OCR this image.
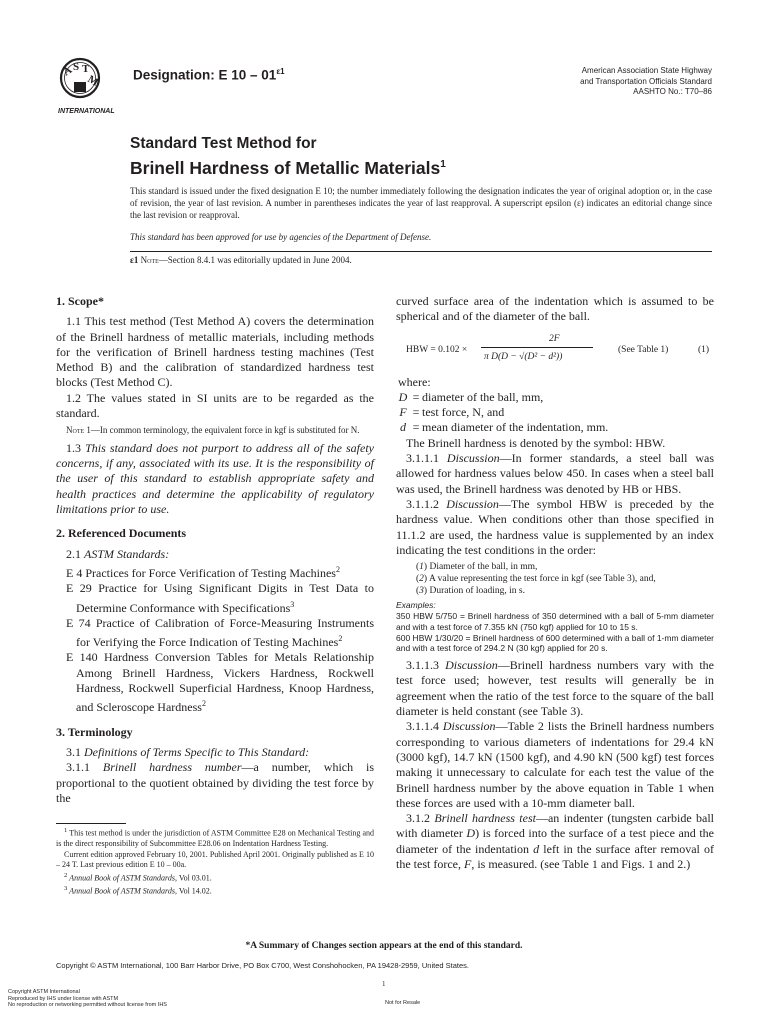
A
S T
M
INTERNATIONAL
Designation: E $10 - 01^{\varepsilon 1}$	American Association State Highway
and Transportation Officials Standard
AASHTO No.: T70–86
Standard Test Method for
Brinell Hardness of Metallic Materials$^1$
This standard is issued under the fixed designation E 10; the number immediately following the designation indicates the year of original adoption or, in the case of revision, the year of last revision. A number in parentheses indicates the year of last reapproval. A superscript epsilon (ε) indicates an editorial change since the last revision or reapproval.
This standard has been approved for use by agencies of the Department of Defense.
ε1 Note—Section 8.4.1 was editorially updated in June 2004.

1. Scope*

1.1 This test method (Test Method A) covers the determination of the Brinell hardness of metallic materials, including methods for the verification of Brinell hardness testing machines (Test Method B) and the calibration of standardized hardness test blocks (Test Method C).

1.2 The values stated in SI units are to be regarded as the standard.

Note 1—In common terminology, the equivalent force in kgf is substituted for N.

1.3 This standard does not purport to address all of the safety concerns, if any, associated with its use. It is the responsibility of the user of this standard to establish appropriate safety and health practices and determine the applicability of regulatory limitations prior to use.

2. Referenced Documents

2.1 ASTM Standards:

E 4 Practices for Force Verification of Testing Machines$^2$

E 29 Practice for Using Significant Digits in Test Data to Determine Conformance with Specifications$^3$

E 74 Practice of Calibration of Force-Measuring Instruments for Verifying the Force Indication of Testing Machines$^2$

E 140 Hardness Conversion Tables for Metals Relationship Among Brinell Hardness, Vickers Hardness, Rockwell Hardness, Rockwell Superficial Hardness, Knoop Hardness, and Scleroscope Hardness$^2$

3. Terminology

3.1 Definitions of Terms Specific to This Standard:

3.1.1 Brinell hardness number—a number, which is proportional to the quotient obtained by dividing the test force by the

$^1$ This test method is under the jurisdiction of ASTM Committee E28 on Mechanical Testing and is the direct responsibility of Subcommittee E28.06 on Indentation Hardness Testing.

Current edition approved February 10, 2001. Published April 2001. Originally published as E 10 – 24 T. Last previous edition E 10 – 00a.

$^2$ Annual Book of ASTM Standards, Vol 03.01.

$^3$ Annual Book of ASTM Standards, Vol 14.02.

curved surface area of the indentation which is assumed to be spherical and of the diameter of the ball.

HBW = 0.102 ×
2F
π D(D − √(D² − d²))
(See Table 1)	(1)

where:

D = diameter of the ball, mm,
F = test force, N, and
d = mean diameter of the indentation, mm.

The Brinell hardness is denoted by the symbol: HBW.

3.1.1.1 Discussion—In former standards, a steel ball was allowed for hardness values below 450. In cases when a steel ball was used, the Brinell hardness was denoted by HB or HBS.

3.1.1.2 Discussion—The symbol HBW is preceded by the hardness value. When conditions other than those specified in 11.1.2 are used, the hardness value is supplemented by an index indicating the test conditions in the order:

(1) Diameter of the ball, in mm,
(2) A value representing the test force in kgf (see Table 3), and,
(3) Duration of loading, in s.

Examples:

350 HBW 5/750 = Brinell hardness of 350 determined with a ball of 5-mm diameter and with a test force of 7.355 kN (750 kgf) applied for 10 to 15 s.

600 HBW 1/30/20 = Brinell hardness of 600 determined with a ball of 1-mm diameter and with a test force of 294.2 N (30 kgf) applied for 20 s.

3.1.1.3 Discussion—Brinell hardness numbers vary with the test force used; however, test results will generally be in agreement when the ratio of the test force to the square of the ball diameter is held constant (see Table 3).

3.1.1.4 Discussion—Table 2 lists the Brinell hardness numbers corresponding to various diameters of indentations for 29.4 kN (3000 kgf), 14.7 kN (1500 kgf), and 4.90 kN (500 kgf) test forces making it unnecessary to calculate for each test the value of the Brinell hardness number by the above equation in Table 1 when these forces are used with a 10-mm diameter ball.

3.1.2 Brinell hardness test—an indenter (tungsten carbide ball with diameter D) is forced into the surface of a test piece and the diameter of the indentation d left in the surface after removal of the test force, F, is measured. (see Table 1 and Figs. 1 and 2.)

*A Summary of Changes section appears at the end of this standard.
Copyright © ASTM International, 100 Barr Harbor Drive, PO Box C700, West Conshohocken, PA 19428-2959, United States.
1
Copyright ASTM International
Reproduced by IHS under license with ASTM
No reproduction or networking permitted without license from IHS	Not for Resale
